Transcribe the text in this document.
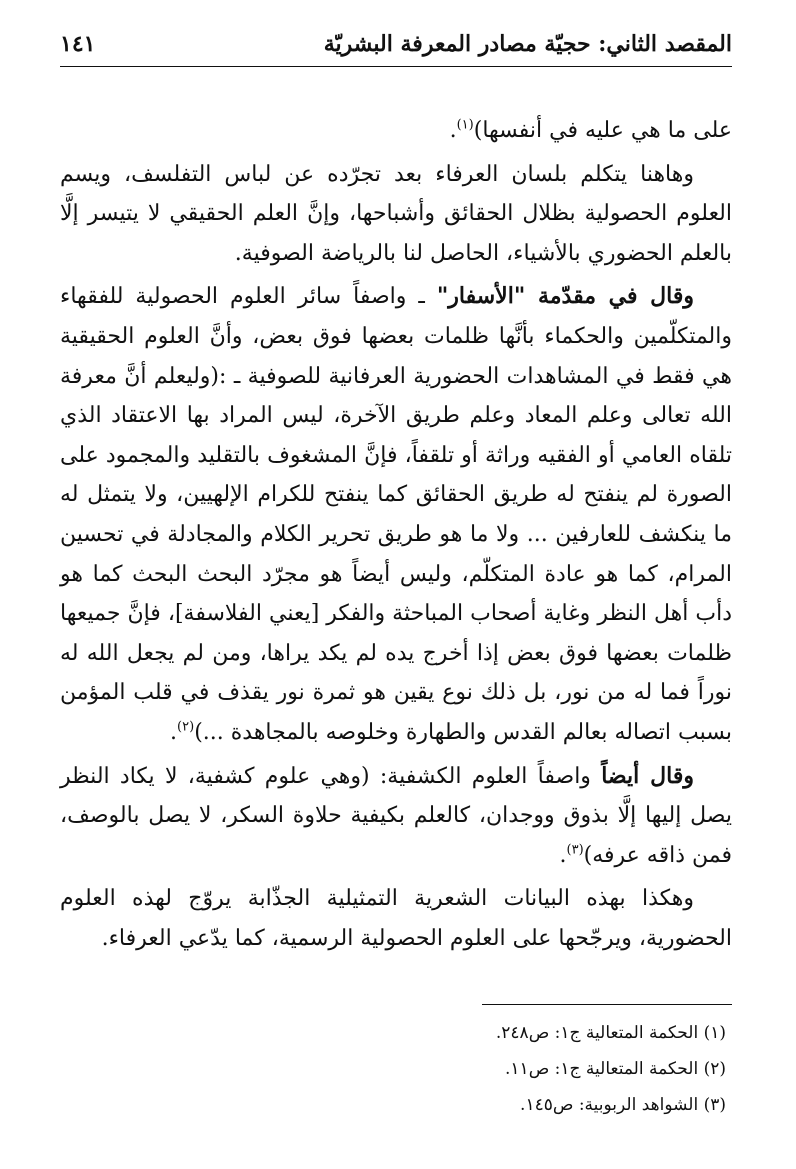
المقصد الثاني: حجيّة مصادر المعرفة البشريّة
١٤١

على ما هي عليه في أنفسها)$^{(١)}$.

وهاهنا يتكلم بلسان العرفاء بعد تجرّده عن لباس التفلسف، ويسم العلوم الحصولية بظلال الحقائق وأشباحها، وإنَّ العلم الحقيقي لا يتيسر إلَّا بالعلم الحضوري بالأشياء، الحاصل لنا بالرياضة الصوفية.

وقال في مقدّمة "الأسفار" ـ واصفاً سائر العلوم الحصولية للفقهاء والمتكلّمين والحكماء بأنَّها ظلمات بعضها فوق بعض، وأنَّ العلوم الحقيقية هي فقط في المشاهدات الحضورية العرفانية للصوفية ـ :(وليعلم أنَّ معرفة الله تعالى وعلم المعاد وعلم طريق الآخرة، ليس المراد بها الاعتقاد الذي تلقاه العامي أو الفقيه وراثة أو تلقفاً، فإنَّ المشغوف بالتقليد والمجمود على الصورة لم ينفتح له طريق الحقائق كما ينفتح للكرام الإلهيين، ولا يتمثل له ما ينكشف للعارفين ... ولا ما هو طريق تحرير الكلام والمجادلة في تحسين المرام، كما هو عادة المتكلّم، وليس أيضاً هو مجرّد البحث البحث كما هو دأب أهل النظر وغاية أصحاب المباحثة والفكر [يعني الفلاسفة]، فإنَّ جميعها ظلمات بعضها فوق بعض إذا أخرج يده لم يكد يراها، ومن لم يجعل الله له نوراً فما له من نور، بل ذلك نوع يقين هو ثمرة نور يقذف في قلب المؤمن بسبب اتصاله بعالم القدس والطهارة وخلوصه بالمجاهدة ...)$^{(٢)}$.

وقال أيضاً واصفاً العلوم الكشفية: (وهي علوم كشفية، لا يكاد النظر يصل إليها إلَّا بذوق ووجدان، كالعلم بكيفية حلاوة السكر، لا يصل بالوصف، فمن ذاقه عرفه)$^{(٣)}$.

وهكذا بهذه البيانات الشعرية التمثيلية الجذّابة يروّج لهذه العلوم الحضورية، ويرجّحها على العلوم الحصولية الرسمية، كما يدّعي العرفاء.

(١) الحكمة المتعالية ج١: ص٢٤٨.
(٢) الحكمة المتعالية ج١: ص١١.
(٣) الشواهد الربوبية: ص١٤٥.
